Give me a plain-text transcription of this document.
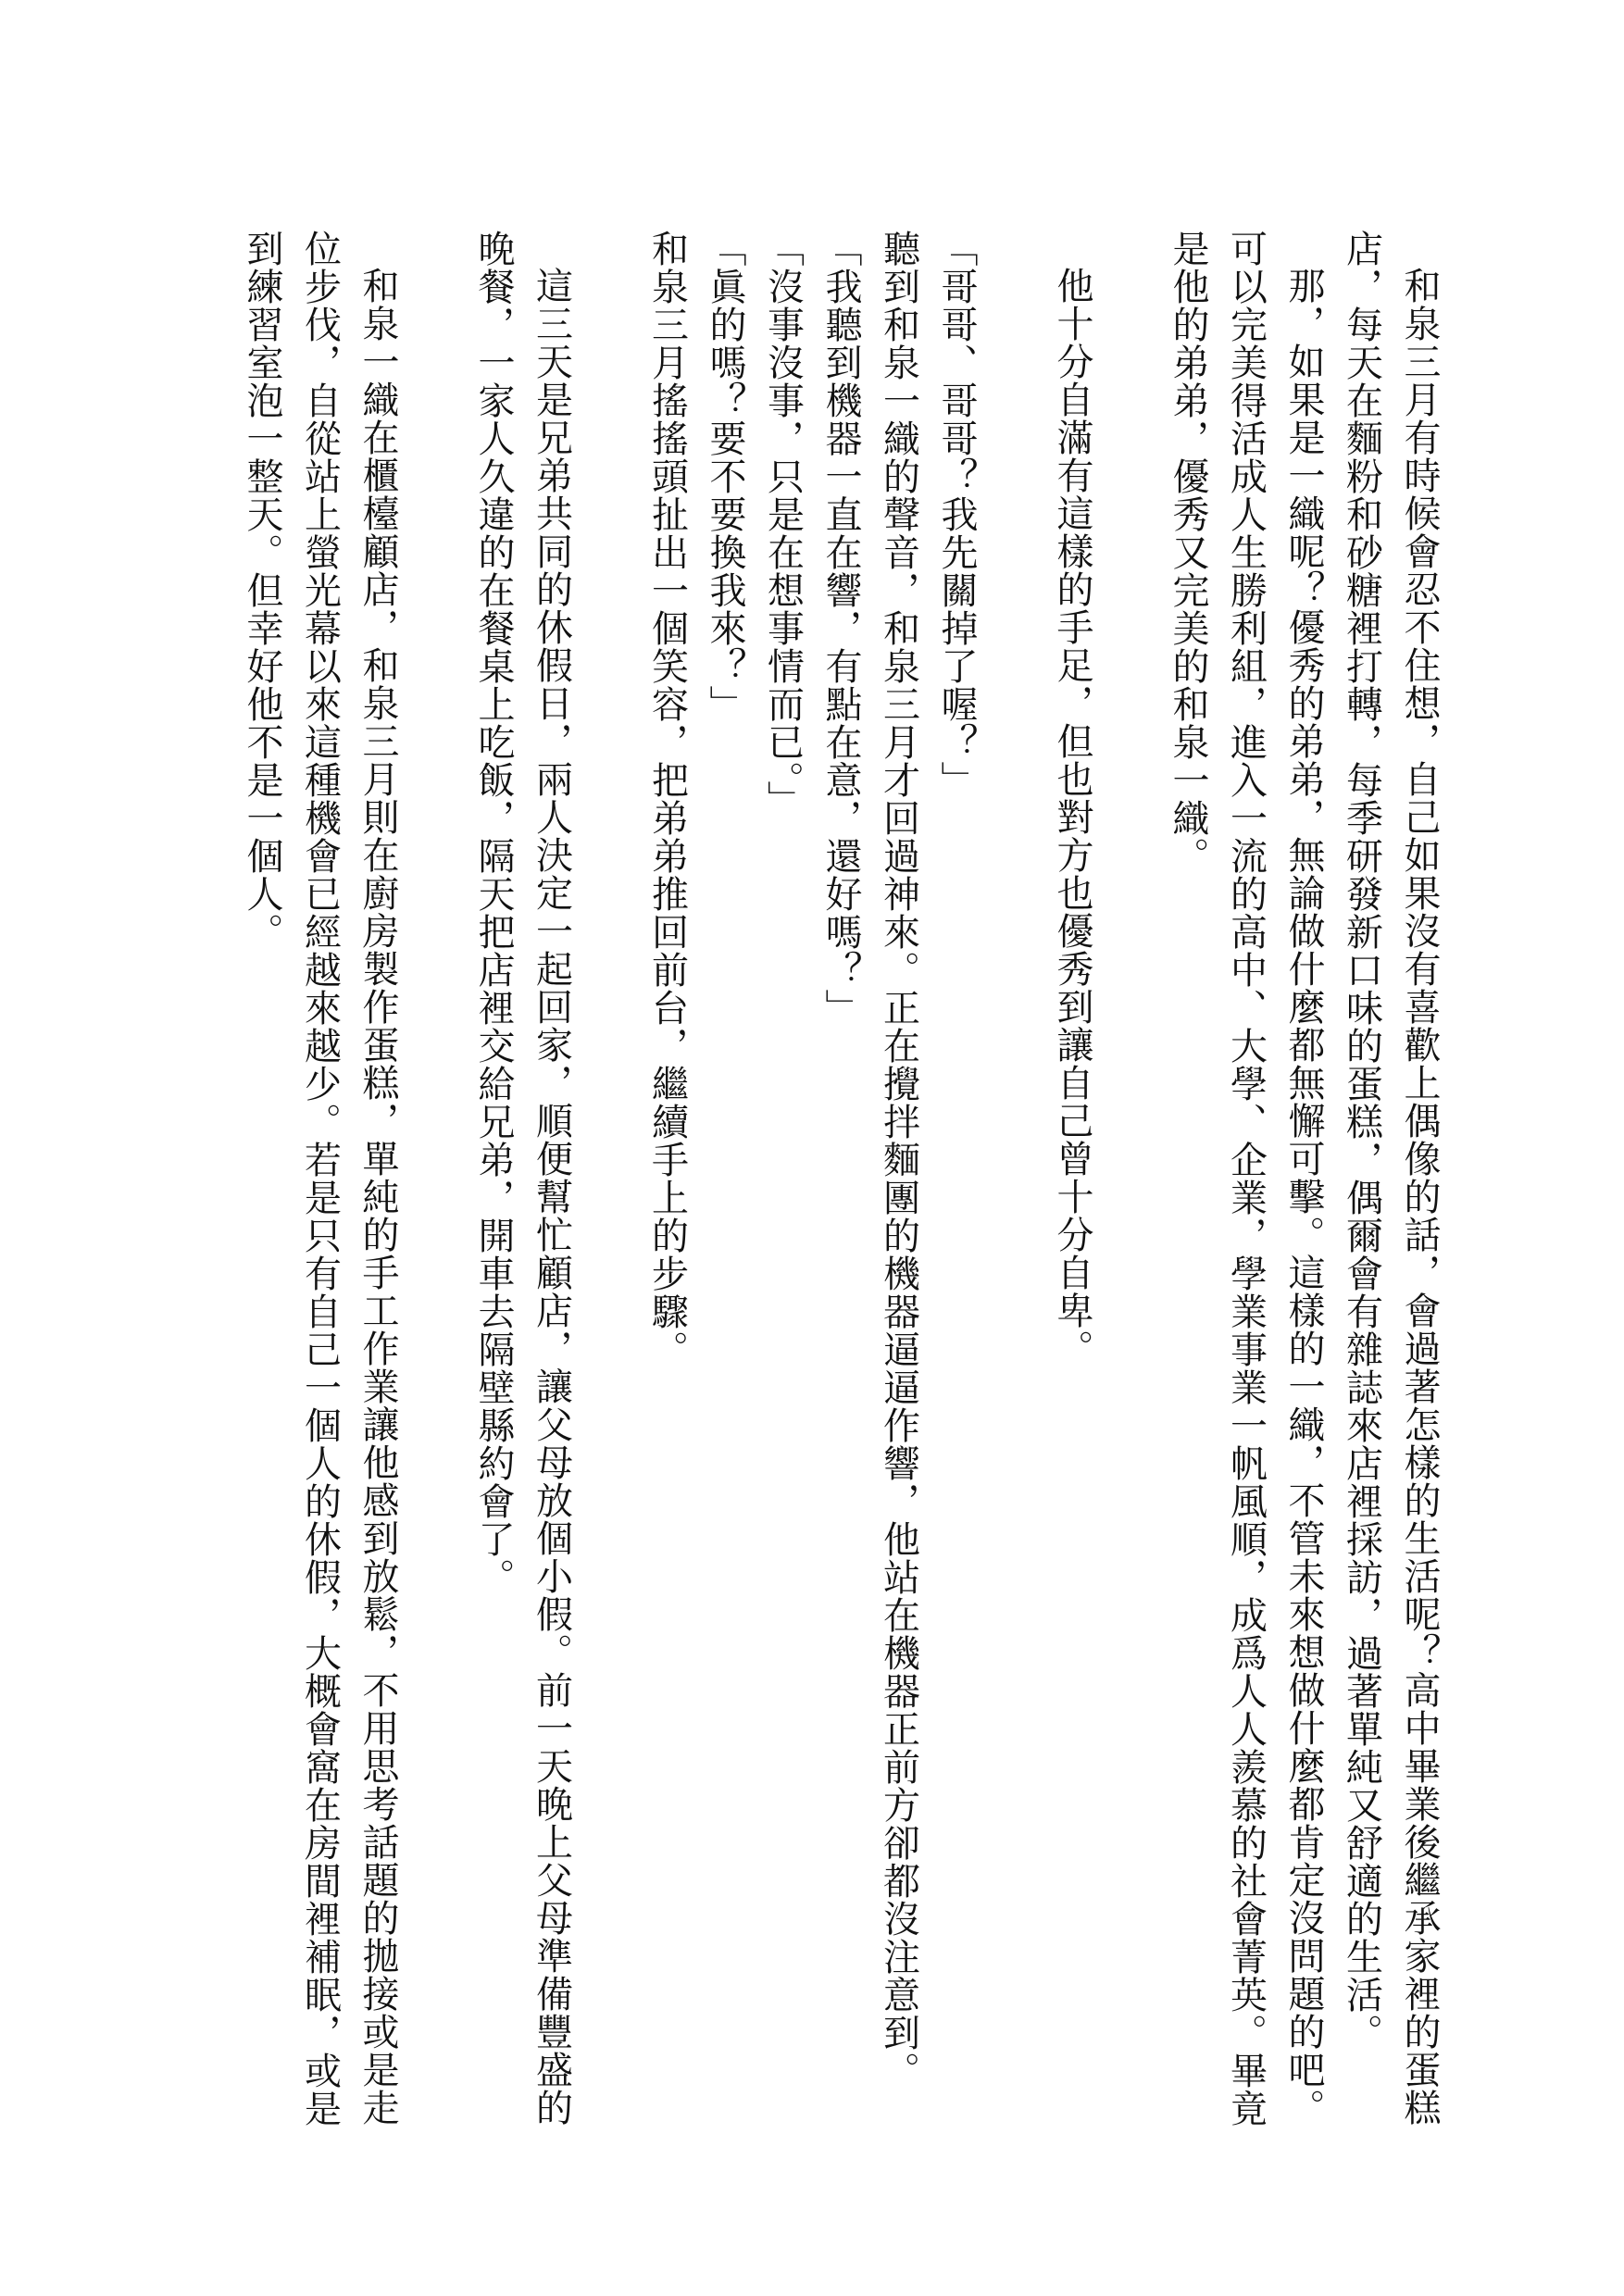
和泉三月有時候會忍不住想，自己如果沒有喜歡上偶像的話，會過著怎樣的生活呢？高中畢業後繼承家裡的蛋糕店，每天在麵粉和砂糖裡打轉，每季研發新口味的蛋糕，偶爾會有雜誌來店裡採訪，過著單純又舒適的生活。

那，如果是一織呢？優秀的弟弟，無論做什麼都無懈可擊。這樣的一織，不管未來想做什麼都肯定沒問題的吧。可以完美得活成人生勝利組，進入一流的高中、大學、企業，學業事業一帆風順，成爲人人羨慕的社會菁英。畢竟是他的弟弟，優秀又完美的和泉一織。

他十分自滿有這樣的手足，但也對方也優秀到讓自己曾十分自卑。

「哥哥、哥哥？我先關掉了喔？」

聽到和泉一織的聲音，和泉三月才回過神來。正在攪拌麵團的機器逼逼作響，他站在機器正前方卻都沒注意到。

「我聽到機器一直在響，有點在意，還好嗎？」

「沒事沒事，只是在想事情而已。」

「眞的嗎？要不要換我來？」

和泉三月搖搖頭扯出一個笑容，把弟弟推回前台，繼續手上的步驟。

這三天是兄弟共同的休假日，兩人決定一起回家，順便幫忙顧店，讓父母放個小假。前一天晚上父母準備豐盛的晚餐，一家人久違的在餐桌上吃飯，隔天把店裡交給兄弟，開車去隔壁縣約會了。

和泉一織在櫃檯顧店，和泉三月則在廚房製作蛋糕，單純的手工作業讓他感到放鬆，不用思考話題的拋接或是走位步伐，自從站上螢光幕以來這種機會已經越來越少。若是只有自己一個人的休假，大概會窩在房間裡補眠，或是到練習室泡一整天。但幸好他不是一個人。
